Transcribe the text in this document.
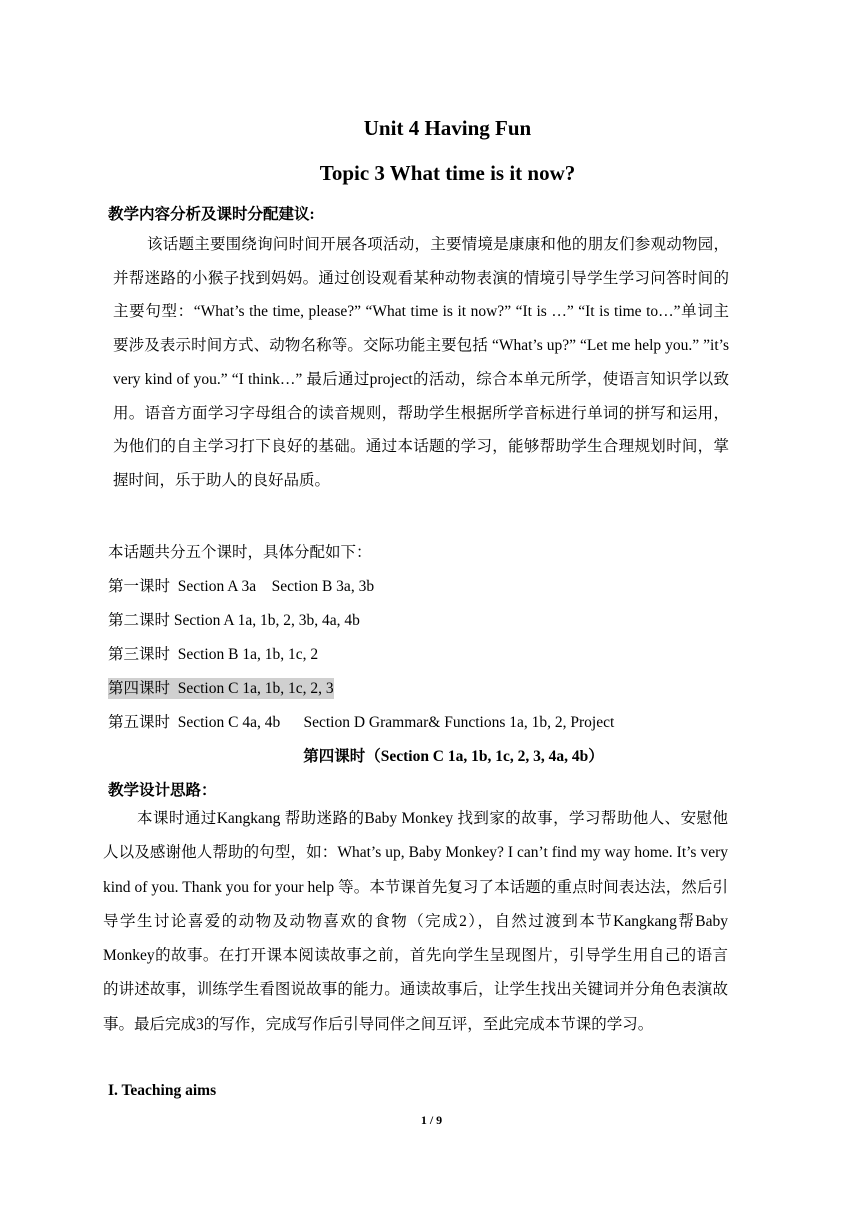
Unit 4 Having Fun
Topic 3 What time is it now?
教学内容分析及课时分配建议:

该话题主要围绕询问时间开展各项活动，主要情境是康康和他的朋友们参观动物园，并帮迷路的小猴子找到妈妈。通过创设观看某种动物表演的情境引导学生学习问答时间的主要句型：“What’s the time, please?” “What time is it now?” “It is …” “It is time to…”单词主要涉及表示时间方式、动物名称等。交际功能主要包括 “What’s up?” “Let me help you.” ”it’s very kind of you.” “I think…” 最后通过project的活动，综合本单元所学，使语言知识学以致用。语音方面学习字母组合的读音规则，帮助学生根据所学音标进行单词的拼写和运用，为他们的自主学习打下良好的基础。通过本话题的学习，能够帮助学生合理规划时间，掌握时间，乐于助人的良好品质。

本话题共分五个课时，具体分配如下：
第一课时  Section A 3a    Section B 3a, 3b
第二课时 Section A 1a, 1b, 2, 3b, 4a, 4b
第三课时  Section B 1a, 1b, 1c, 2
第四课时  Section C 1a, 1b, 1c, 2, 3
第五课时  Section C 4a, 4b      Section D Grammar& Functions 1a, 1b, 2, Project
第四课时（Section C 1a, 1b, 1c, 2, 3, 4a, 4b）
教学设计思路：

本课时通过Kangkang 帮助迷路的Baby Monkey 找到家的故事，学习帮助他人、安慰他人以及感谢他人帮助的句型，如：What’s up, Baby Monkey? I can’t find my way home. It’s very kind of you. Thank you for your help 等。本节课首先复习了本话题的重点时间表达法，然后引导学生讨论喜爱的动物及动物喜欢的食物（完成2），自然过渡到本节Kangkang帮Baby Monkey的故事。在打开课本阅读故事之前，首先向学生呈现图片，引导学生用自己的语言的讲述故事，训练学生看图说故事的能力。通读故事后，让学生找出关键词并分角色表演故事。最后完成3的写作，完成写作后引导同伴之间互评，至此完成本节课的学习。

I. Teaching aims
1 / 9
